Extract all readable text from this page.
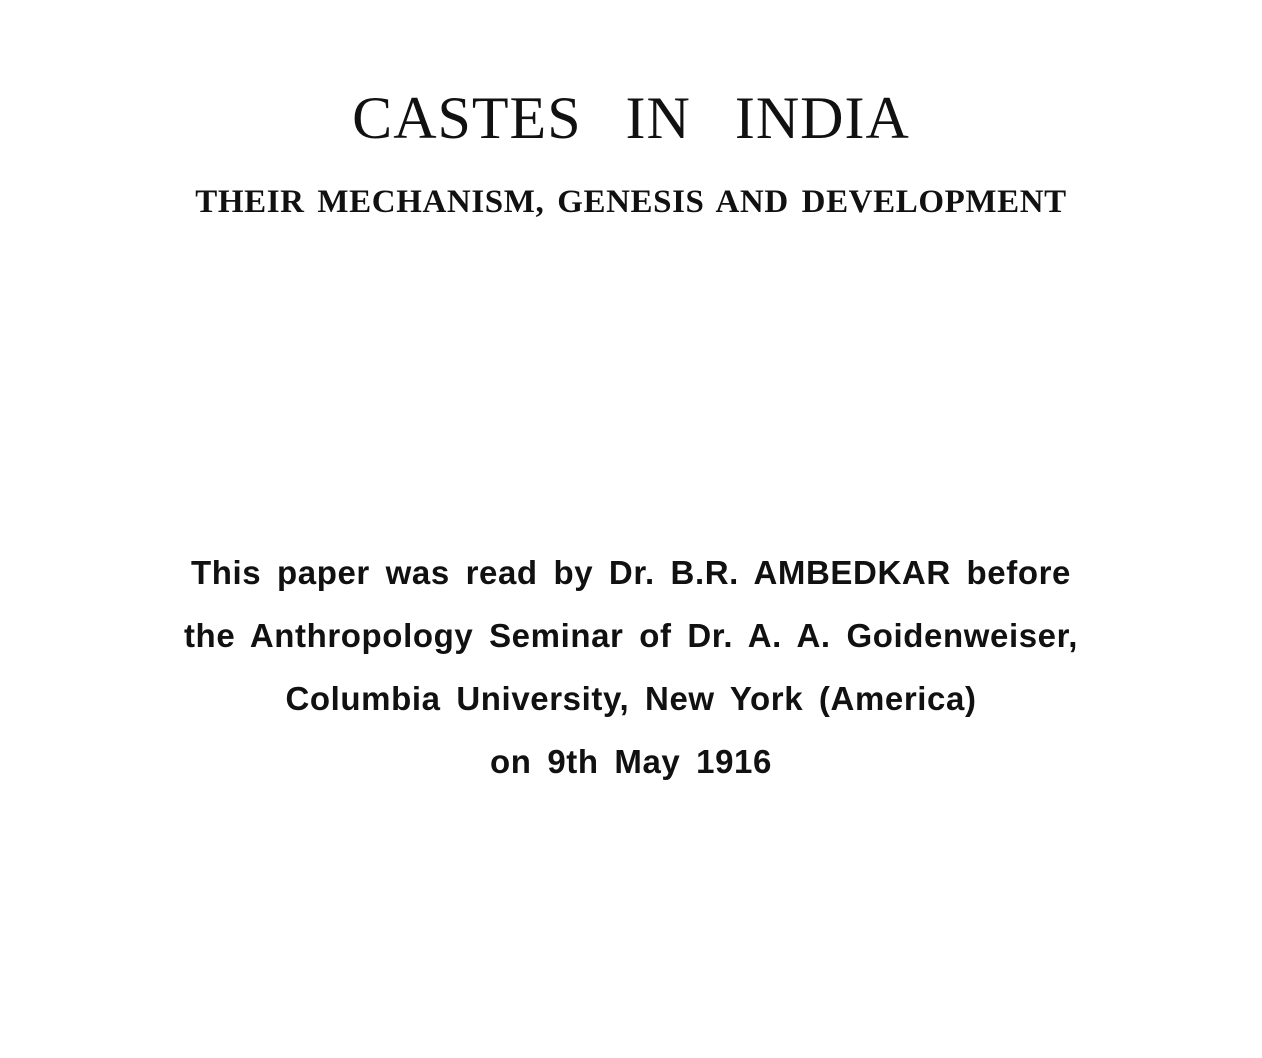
CASTES IN INDIA
THEIR MECHANISM, GENESIS AND DEVELOPMENT
This paper was read by Dr. B.R. AMBEDKAR before
the Anthropology Seminar of Dr. A. A. Goidenweiser,
Columbia University, New York (America)
on 9th May 1916
